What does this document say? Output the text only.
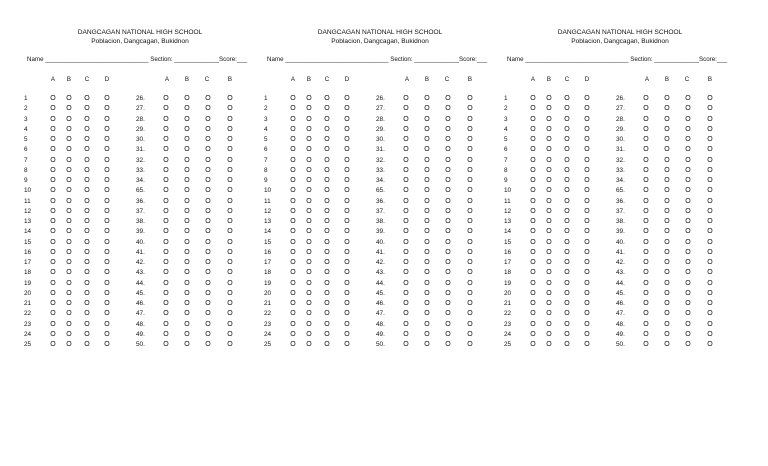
DANGCAGAN NATIONAL HIGH SCHOOL
Poblacion, Dangcagan, Bukidnon
Name ______________________________ Section: _____________Score:___
A	B	C	D	A	B	C	B
1	O	O	O	O	26.	O	O	O	O
2	O	O	O	O	27.	O	O	O	O
3	O	O	O	O	28.	O	O	O	O
4	O	O	O	O	29.	O	O	O	O
5	O	O	O	O	30.	O	O	O	O
6	O	O	O	O	31.	O	O	O	O
7	O	O	O	O	32.	O	O	O	O
8	O	O	O	O	33.	O	O	O	O
9	O	O	O	O	34.	O	O	O	O
10	O	O	O	O	65.	O	O	O	O
11	O	O	O	O	36.	O	O	O	O
12	O	O	O	O	37.	O	O	O	O
13	O	O	O	O	38.	O	O	O	O
14	O	O	O	O	39.	O	O	O	O
15	O	O	O	O	40.	O	O	O	O
16	O	O	O	O	41.	O	O	O	O
17	O	O	O	O	42.	O	O	O	O
18	O	O	O	O	43.	O	O	O	O
19	O	O	O	O	44.	O	O	O	O
20	O	O	O	O	45.	O	O	O	O
21	O	O	O	O	46.	O	O	O	O
22	O	O	O	O	47.	O	O	O	O
23	O	O	O	O	48.	O	O	O	O
24	O	O	O	O	49.	O	O	O	O
25	O	O	O	O	50.	O	O	O	O
DANGCAGAN NATIONAL HIGH SCHOOL
Poblacion, Dangcagan, Bukidnon
Name ______________________________ Section: _____________Score:___
A	B	C	D	A	B	C	B
1	O	O	O	O	26.	O	O	O	O
2	O	O	O	O	27.	O	O	O	O
3	O	O	O	O	28.	O	O	O	O
4	O	O	O	O	29.	O	O	O	O
5	O	O	O	O	30.	O	O	O	O
6	O	O	O	O	31.	O	O	O	O
7	O	O	O	O	32.	O	O	O	O
8	O	O	O	O	33.	O	O	O	O
9	O	O	O	O	34.	O	O	O	O
10	O	O	O	O	65.	O	O	O	O
11	O	O	O	O	36.	O	O	O	O
12	O	O	O	O	37.	O	O	O	O
13	O	O	O	O	38.	O	O	O	O
14	O	O	O	O	39.	O	O	O	O
15	O	O	O	O	40.	O	O	O	O
16	O	O	O	O	41.	O	O	O	O
17	O	O	O	O	42.	O	O	O	O
18	O	O	O	O	43.	O	O	O	O
19	O	O	O	O	44.	O	O	O	O
20	O	O	O	O	45.	O	O	O	O
21	O	O	O	O	46.	O	O	O	O
22	O	O	O	O	47.	O	O	O	O
23	O	O	O	O	48.	O	O	O	O
24	O	O	O	O	49.	O	O	O	O
25	O	O	O	O	50.	O	O	O	O
DANGCAGAN NATIONAL HIGH SCHOOL
Poblacion, Dangcagan, Bukidnon
Name ______________________________ Section: _____________Score:___
A	B	C	D	A	B	C	B
1	O	O	O	O	26.	O	O	O	O
2	O	O	O	O	27.	O	O	O	O
3	O	O	O	O	28.	O	O	O	O
4	O	O	O	O	29.	O	O	O	O
5	O	O	O	O	30.	O	O	O	O
6	O	O	O	O	31.	O	O	O	O
7	O	O	O	O	32.	O	O	O	O
8	O	O	O	O	33.	O	O	O	O
9	O	O	O	O	34.	O	O	O	O
10	O	O	O	O	65.	O	O	O	O
11	O	O	O	O	36.	O	O	O	O
12	O	O	O	O	37.	O	O	O	O
13	O	O	O	O	38.	O	O	O	O
14	O	O	O	O	39.	O	O	O	O
15	O	O	O	O	40.	O	O	O	O
16	O	O	O	O	41.	O	O	O	O
17	O	O	O	O	42.	O	O	O	O
18	O	O	O	O	43.	O	O	O	O
19	O	O	O	O	44.	O	O	O	O
20	O	O	O	O	45.	O	O	O	O
21	O	O	O	O	46.	O	O	O	O
22	O	O	O	O	47.	O	O	O	O
23	O	O	O	O	48.	O	O	O	O
24	O	O	O	O	49.	O	O	O	O
25	O	O	O	O	50.	O	O	O	O
